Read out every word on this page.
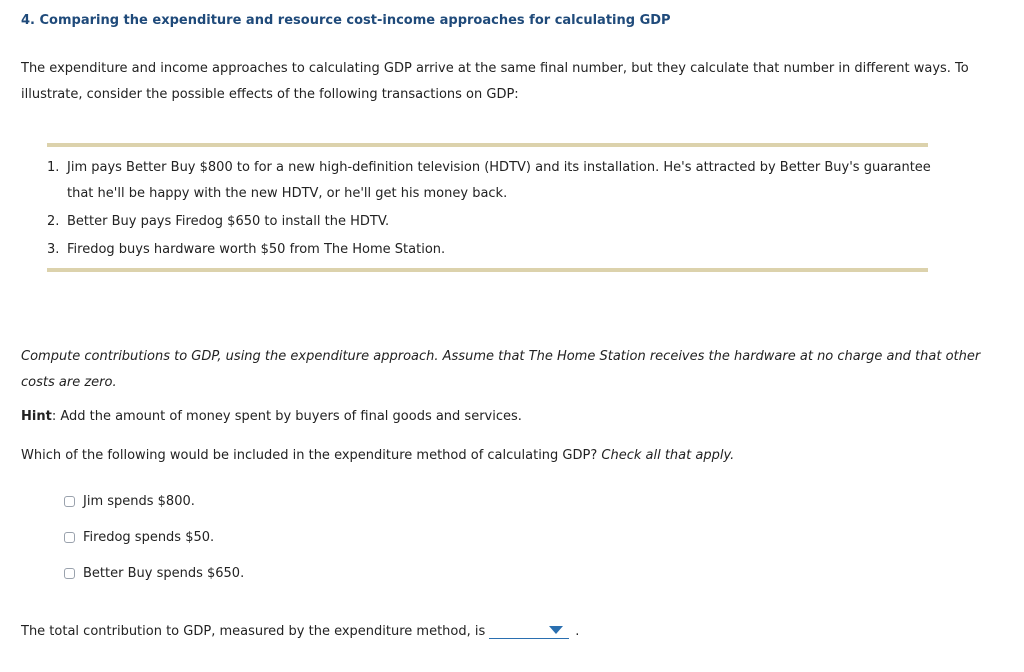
4. Comparing the expenditure and resource cost-income approaches for calculating GDP
The expenditure and income approaches to calculating GDP arrive at the same final number, but they calculate that number in different ways. To illustrate, consider the possible effects of the following transactions on GDP:
1. Jim pays Better Buy $800 to for a new high-definition television (HDTV) and its installation. He's attracted by Better Buy's guarantee that he'll be happy with the new HDTV, or he'll get his money back.
2. Better Buy pays Firedog $650 to install the HDTV.
3. Firedog buys hardware worth $50 from The Home Station.
Compute contributions to GDP, using the expenditure approach. Assume that The Home Station receives the hardware at no charge and that other costs are zero.
Hint: Add the amount of money spent by buyers of final goods and services.
Which of the following would be included in the expenditure method of calculating GDP? Check all that apply.
Jim spends $800.
Firedog spends $50.
Better Buy spends $650.
The total contribution to GDP, measured by the expenditure method, is	.
